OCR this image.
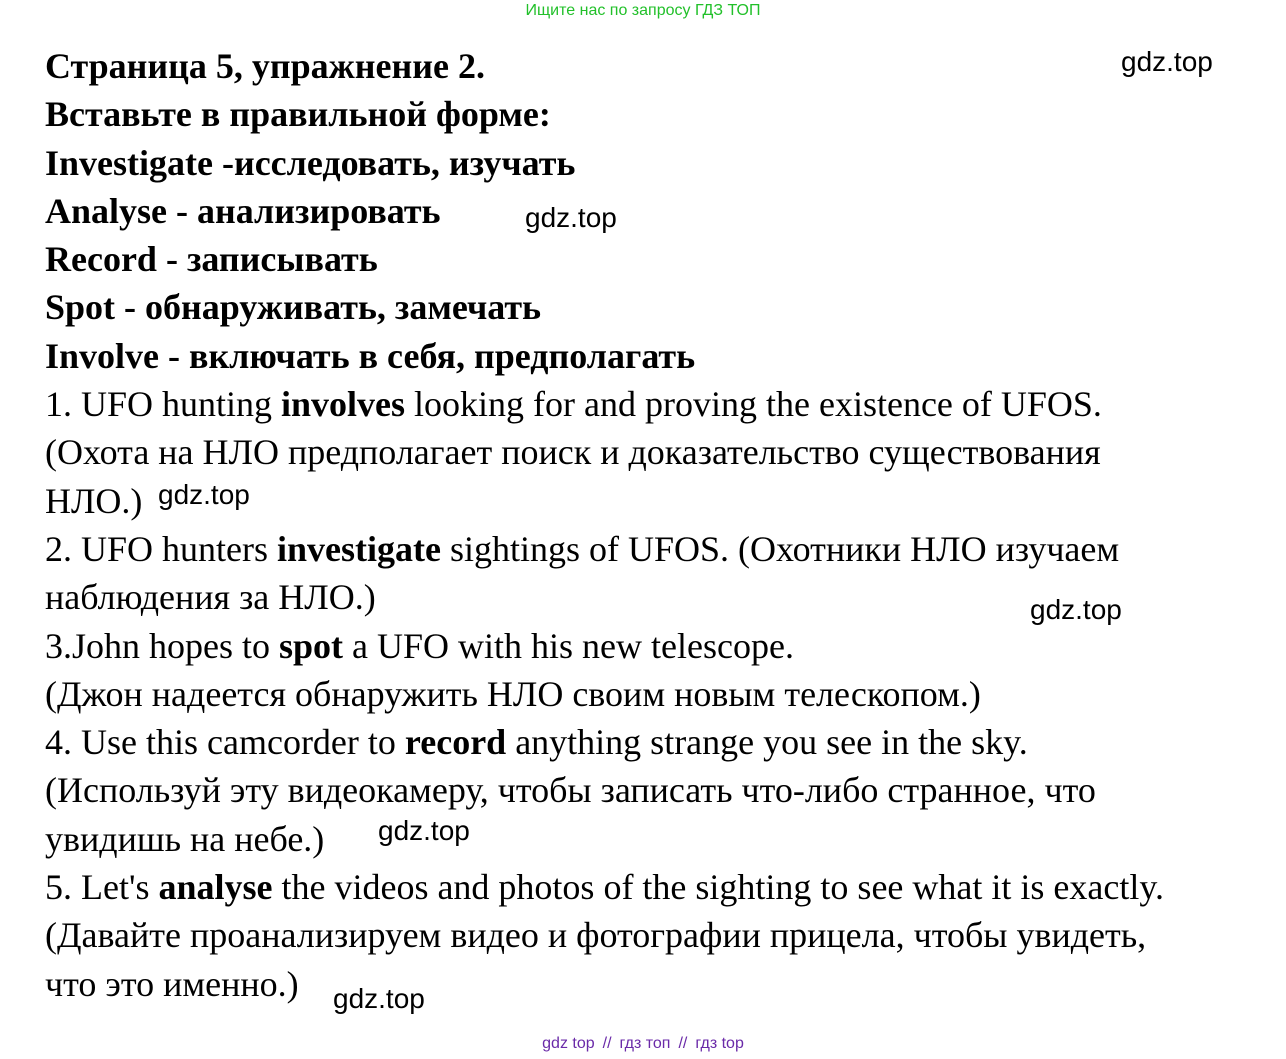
Ищите нас по запросу ГДЗ ТОП
Страница 5, упражнение 2.
Вставьте в правильной форме:
Investigate -исследовать, изучать
Analyse - анализировать
Record - записывать
Spot - обнаруживать, замечать
Involve - включать в себя, предполагать
1. UFO hunting involves looking for and proving the existence of UFOS.
(Охота на НЛО предполагает поиск и доказательство существования
НЛО.)
2. UFO hunters investigate sightings of UFOS. (Охотники НЛО изучаем
наблюдения за НЛО.)
3.John hopes to spot a UFO with his new telescope.
(Джон надеется обнаружить НЛО своим новым телескопом.)
4. Use this camcorder to record anything strange you see in the sky.
(Используй эту видеокамеру, чтобы записать что-либо странное, что
увидишь на небе.)
5. Let's analyse the videos and photos of the sighting to see what it is exactly.
(Давайте проанализируем видео и фотографии прицела, чтобы увидеть,
что это именно.)
gdz.top
gdz.top
gdz.top
gdz.top
gdz.top
gdz.top
gdz top // гдз топ // гдз top
